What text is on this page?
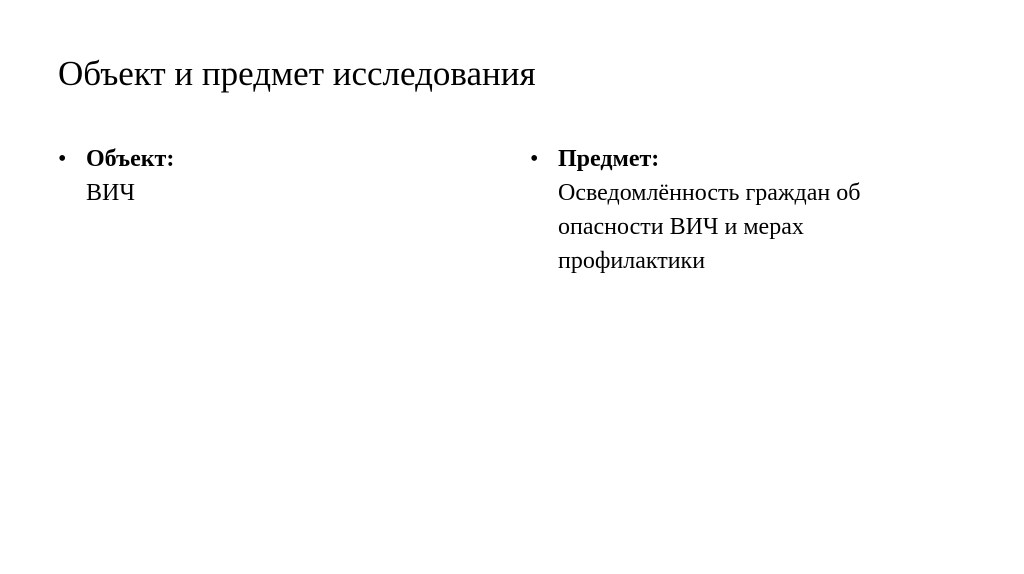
Объект и предмет исследования
• Объект:
ВИЧ
• Предмет:
Осведомлённость граждан об
опасности ВИЧ и мерах
профилактики
